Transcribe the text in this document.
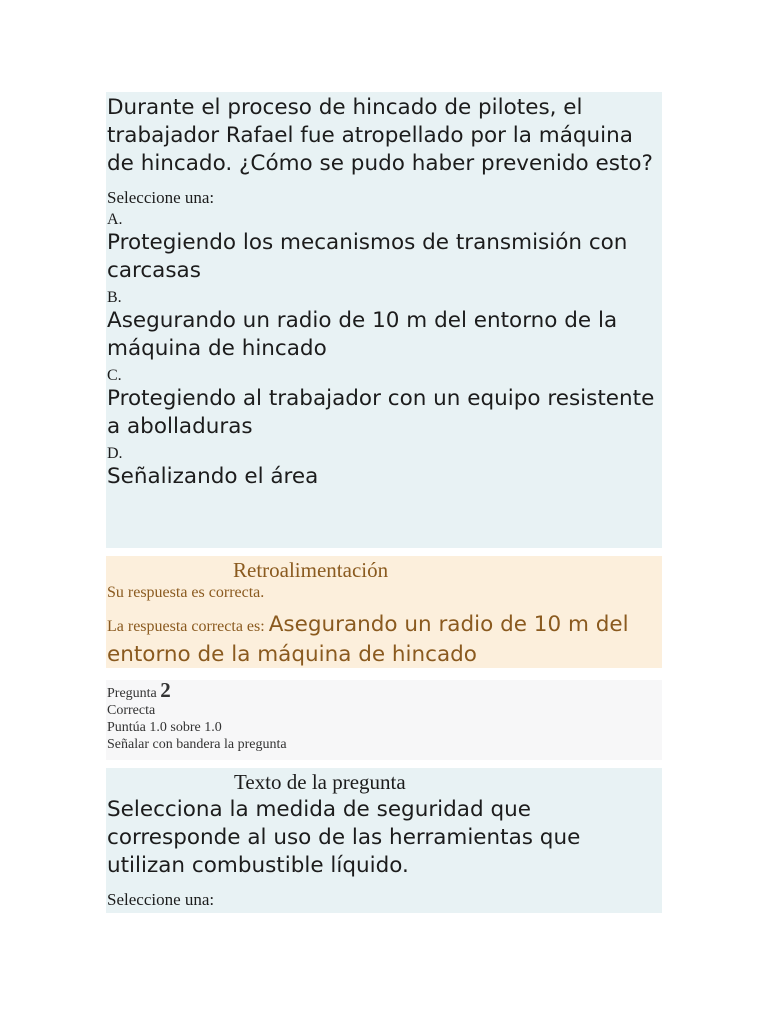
Durante el proceso de hincado de pilotes, el trabajador Rafael fue atropellado por la máquina de hincado. ¿Cómo se pudo haber prevenido esto?
Seleccione una:
A.
Protegiendo los mecanismos de transmisión con carcasas
B.
Asegurando un radio de 10 m del entorno de la máquina de hincado
C.
Protegiendo al trabajador con un equipo resistente a abolladuras
D.
Señalizando el área
Retroalimentación
Su respuesta es correcta.
La respuesta correcta es: Asegurando un radio de 10 m del entorno de la máquina de hincado
Pregunta 2
Correcta
Puntúa 1.0 sobre 1.0
Señalar con bandera la pregunta
Texto de la pregunta
Selecciona la medida de seguridad que corresponde al uso de las herramientas que utilizan combustible líquido.
Seleccione una:
